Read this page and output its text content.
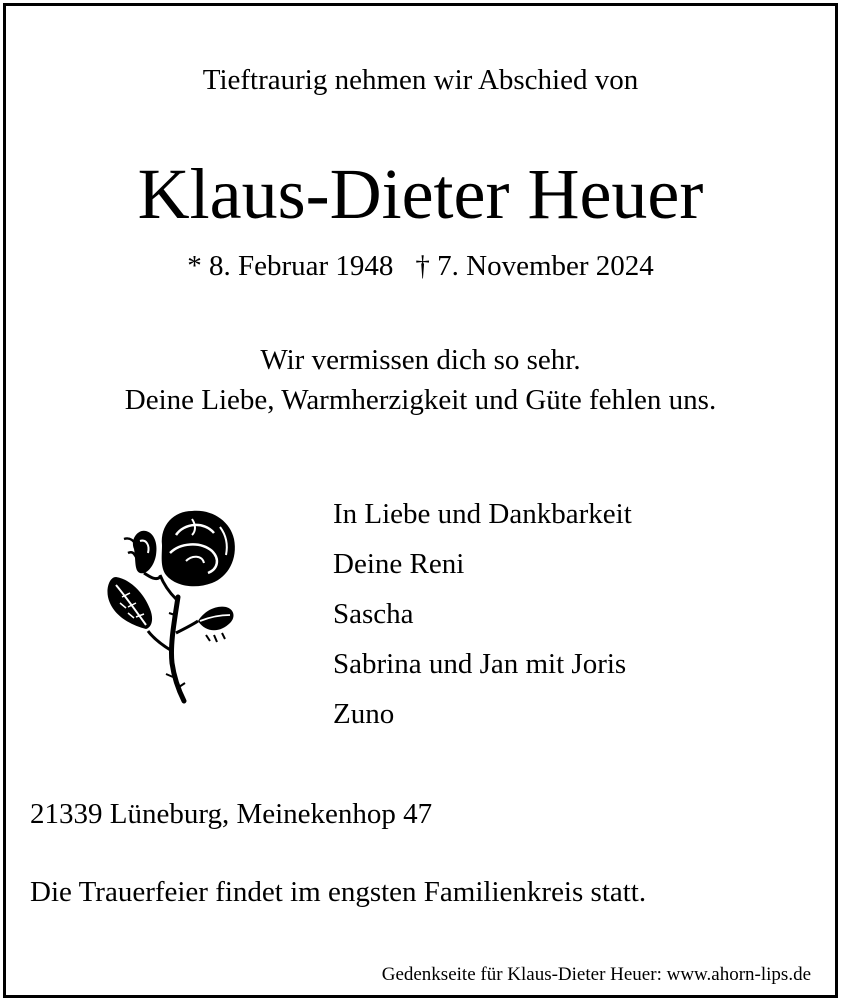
Tieftraurig nehmen wir Abschied von
Klaus-Dieter Heuer
* 8. Februar 1948 † 7. November 2024
Wir vermissen dich so sehr.
Deine Liebe, Warmherzigkeit und Güte fehlen uns.
In Liebe und Dankbarkeit
Deine Reni
Sascha
Sabrina und Jan mit Joris
Zuno
21339 Lüneburg, Meinekenhop 47
Die Trauerfeier findet im engsten Familienkreis statt.
Gedenkseite für Klaus-Dieter Heuer: www.ahorn-lips.de
